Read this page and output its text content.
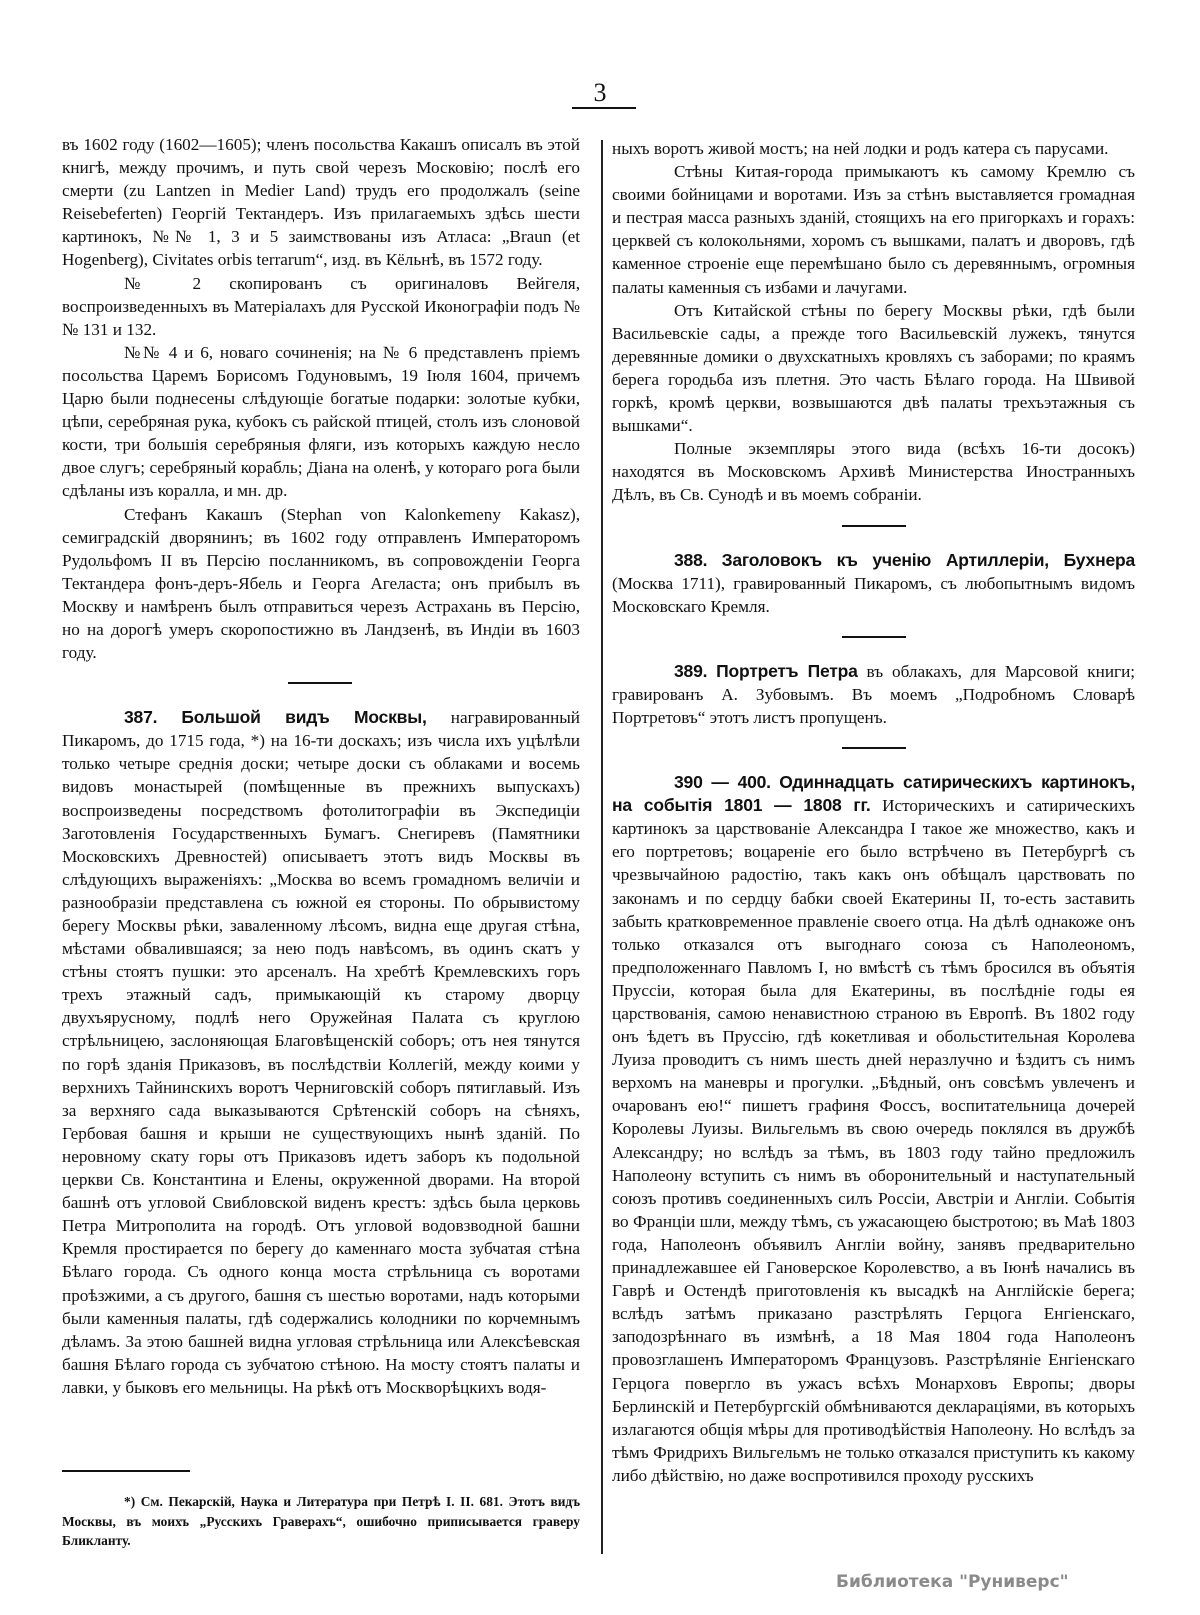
3

въ 1602 году (1602—1605); членъ посольства Какашъ описалъ въ этой книгѣ, между прочимъ, и путь свой черезъ Московію; послѣ его смерти (zu Lantzen in Medier Land) трудъ его продолжалъ (seine Reisebeferten) Георгій Тектандеръ. Изъ прилагаемыхъ здѣсь шести картинокъ, №№ 1, 3 и 5 заимствованы изъ Атласа: „Braun (et Hogenberg), Civitates orbis terrarum“, изд. въ Кёльнѣ, въ 1572 году.

№ 2 скопированъ съ оригиналовъ Вейгеля, воспроизведенныхъ въ Матеріалахъ для Русской Иконографіи подъ №№ 131 и 132.

№№ 4 и 6, новаго сочиненія; на № 6 представленъ пріемъ посольства Царемъ Борисомъ Годуновымъ, 19 Іюля 1604, причемъ Царю были поднесены слѣдующіе богатые подарки: золотые кубки, цѣпи, серебряная рука, кубокъ съ райской птицей, столъ изъ слоновой кости, три большія серебряныя фляги, изъ которыхъ каждую несло двое слугъ; серебряный корабль; Діана на оленѣ, у котораго рога были сдѣланы изъ коралла, и мн. др.

Стефанъ Какашъ (Stephan von Kalonkemeny Kakasz), семиградскій дворянинъ; въ 1602 году отправленъ Императоромъ Рудольфомъ II въ Персію посланникомъ, въ сопровожденіи Георга Тектандера фонъ-деръ-Ябель и Георга Агеласта; онъ прибылъ въ Москву и намѣренъ былъ отправиться черезъ Астрахань въ Персію, но на дорогѣ умеръ скоропостижно въ Ландзенѣ, въ Индіи въ 1603 году.

387. Большой видъ Москвы, награвированный Пикаромъ, до 1715 года, *) на 16-ти доскахъ; изъ числа ихъ уцѣлѣли только четыре среднія доски; четыре доски съ облаками и восемь видовъ монастырей (помѣщенные въ прежнихъ выпускахъ) воспроизведены посредствомъ фотолитографіи въ Экспедиціи Заготовленія Государственныхъ Бумагъ. Снегиревъ (Памятники Московскихъ Древностей) описываетъ этотъ видъ Москвы въ слѣдующихъ выраженіяхъ: „Москва во всемъ громадномъ величіи и разнообразіи представлена съ южной ея стороны. По обрывистому берегу Москвы рѣки, заваленному лѣсомъ, видна еще другая стѣна, мѣстами обвалившаяся; за нею подъ навѣсомъ, въ одинъ скатъ у стѣны стоятъ пушки: это арсеналъ. На хребтѣ Кремлевскихъ горъ трехъ этажный садъ, примыкающій къ старому дворцу двухъярусному, подлѣ него Оружейная Палата съ круглою стрѣльницею, заслоняющая Благовѣщенскій соборъ; отъ нея тянутся по горѣ зданія Приказовъ, въ послѣдствіи Коллегій, между коими у верхнихъ Тайнинскихъ воротъ Черниговскій соборъ пятиглавый. Изъ за верхняго сада выказываются Срѣтенскій соборъ на сѣняхъ, Гербовая башня и крыши не существующихъ нынѣ зданій. По неровному скату горы отъ Приказовъ идетъ заборъ къ подольной церкви Св. Константина и Елены, окруженной дворами. На второй башнѣ отъ угловой Свибловской виденъ крестъ: здѣсь была церковь Петра Митрополита на городѣ. Отъ угловой водовзводной башни Кремля простирается по берегу до каменнаго моста зубчатая стѣна Бѣлаго города. Съ одного конца моста стрѣльница съ воротами проѣзжими, а съ другого, башня съ шестью воротами, надъ которыми были каменныя палаты, гдѣ содержались колодники по корчемнымъ дѣламъ. За этою башней видна угловая стрѣльница или Алексѣевская башня Бѣлаго города съ зубчатою стѣною. На мосту стоятъ палаты и лавки, у быковъ его мельницы. На рѣкѣ отъ Москворѣцкихъ водя-

ныхъ воротъ живой мостъ; на ней лодки и родъ катера съ парусами.

Стѣны Китая-города примыкаютъ къ самому Кремлю съ своими бойницами и воротами. Изъ за стѣнъ выставляется громадная и пестрая масса разныхъ зданій, стоящихъ на его пригоркахъ и горахъ: церквей съ колокольнями, хоромъ съ вышками, палатъ и дворовъ, гдѣ каменное строеніе еще перемѣшано было съ деревяннымъ, огромныя палаты каменныя съ избами и лачугами.

Отъ Китайской стѣны по берегу Москвы рѣки, гдѣ были Васильевскіе сады, а прежде того Васильевскій лужекъ, тянутся деревянные домики о двухскатныхъ кровляхъ съ заборами; по краямъ берега городьба изъ плетня. Это часть Бѣлаго города. На Швивой горкѣ, кромѣ церкви, возвышаются двѣ палаты трехъэтажныя съ вышками“.

Полные экземпляры этого вида (всѣхъ 16-ти досокъ) находятся въ Московскомъ Архивѣ Министерства Иностранныхъ Дѣлъ, въ Св. Сунодѣ и въ моемъ собраніи.

388. Заголовокъ къ ученію Артиллеріи, Бухнера (Москва 1711), гравированный Пикаромъ, съ любопытнымъ видомъ Московскаго Кремля.

389. Портретъ Петра въ облакахъ, для Марсовой книги; гравированъ А. Зубовымъ. Въ моемъ „Подробномъ Словарѣ Портретовъ“ этотъ листъ пропущенъ.

390 — 400. Одиннадцать сатирическихъ картинокъ, на событія 1801 — 1808 гг. Историческихъ и сатирическихъ картинокъ за царствованіе Александра I такое же множество, какъ и его портретовъ; воцареніе его было встрѣчено въ Петербургѣ съ чрезвычайною радостію, такъ какъ онъ обѣщалъ царствовать по законамъ и по сердцу бабки своей Екатерины II, то-есть заставить забыть кратковременное правленіе своего отца. На дѣлѣ однакоже онъ только отказался отъ выгоднаго союза съ Наполеономъ, предположеннаго Павломъ I, но вмѣстѣ съ тѣмъ бросился въ объятія Пруссіи, которая была для Екатерины, въ послѣдніе годы ея царствованія, самою ненавистною страною въ Европѣ. Въ 1802 году онъ ѣдетъ въ Пруссію, гдѣ кокетливая и обольстительная Королева Луиза проводитъ съ нимъ шесть дней неразлучно и ѣздитъ съ нимъ верхомъ на маневры и прогулки. „Бѣдный, онъ совсѣмъ увлеченъ и очарованъ ею!“ пишетъ графиня Фоссъ, воспитательница дочерей Королевы Луизы. Вильгельмъ въ свою очередь поклялся въ дружбѣ Александру; но вслѣдъ за тѣмъ, въ 1803 году тайно предложилъ Наполеону вступить съ нимъ въ оборонительный и наступательный союзъ противъ соединенныхъ силъ Россіи, Австріи и Англіи. Событія во Франціи шли, между тѣмъ, съ ужасающею быстротою; въ Маѣ 1803 года, Наполеонъ объявилъ Англіи войну, занявъ предварительно принадлежавшее ей Гановерское Королевство, а въ Іюнѣ начались въ Гаврѣ и Остендѣ приготовленія къ высадкѣ на Англійскіе берега; вслѣдъ затѣмъ приказано разстрѣлять Герцога Енгіенскаго, заподозрѣннаго въ измѣнѣ, а 18 Мая 1804 года Наполеонъ провозглашенъ Императоромъ Французовъ. Разстрѣляніе Енгіенскаго Герцога повергло въ ужасъ всѣхъ Монарховъ Европы; дворы Берлинскій и Петербургскій обмѣниваются деклараціями, въ которыхъ излагаются общія мѣры для противодѣйствія Наполеону. Но вслѣдъ за тѣмъ Фридрихъ Вильгельмъ не только отказался приступить къ какому либо дѣйствію, но даже воспротивился проходу русскихъ

*) См. Пекарскій, Наука и Литература при Петрѣ I. II. 681. Этотъ видъ Москвы, въ моихъ „Русскихъ Граверахъ“, ошибочно приписывается граверу Бликланту.

Библиотека "Руниверс"
